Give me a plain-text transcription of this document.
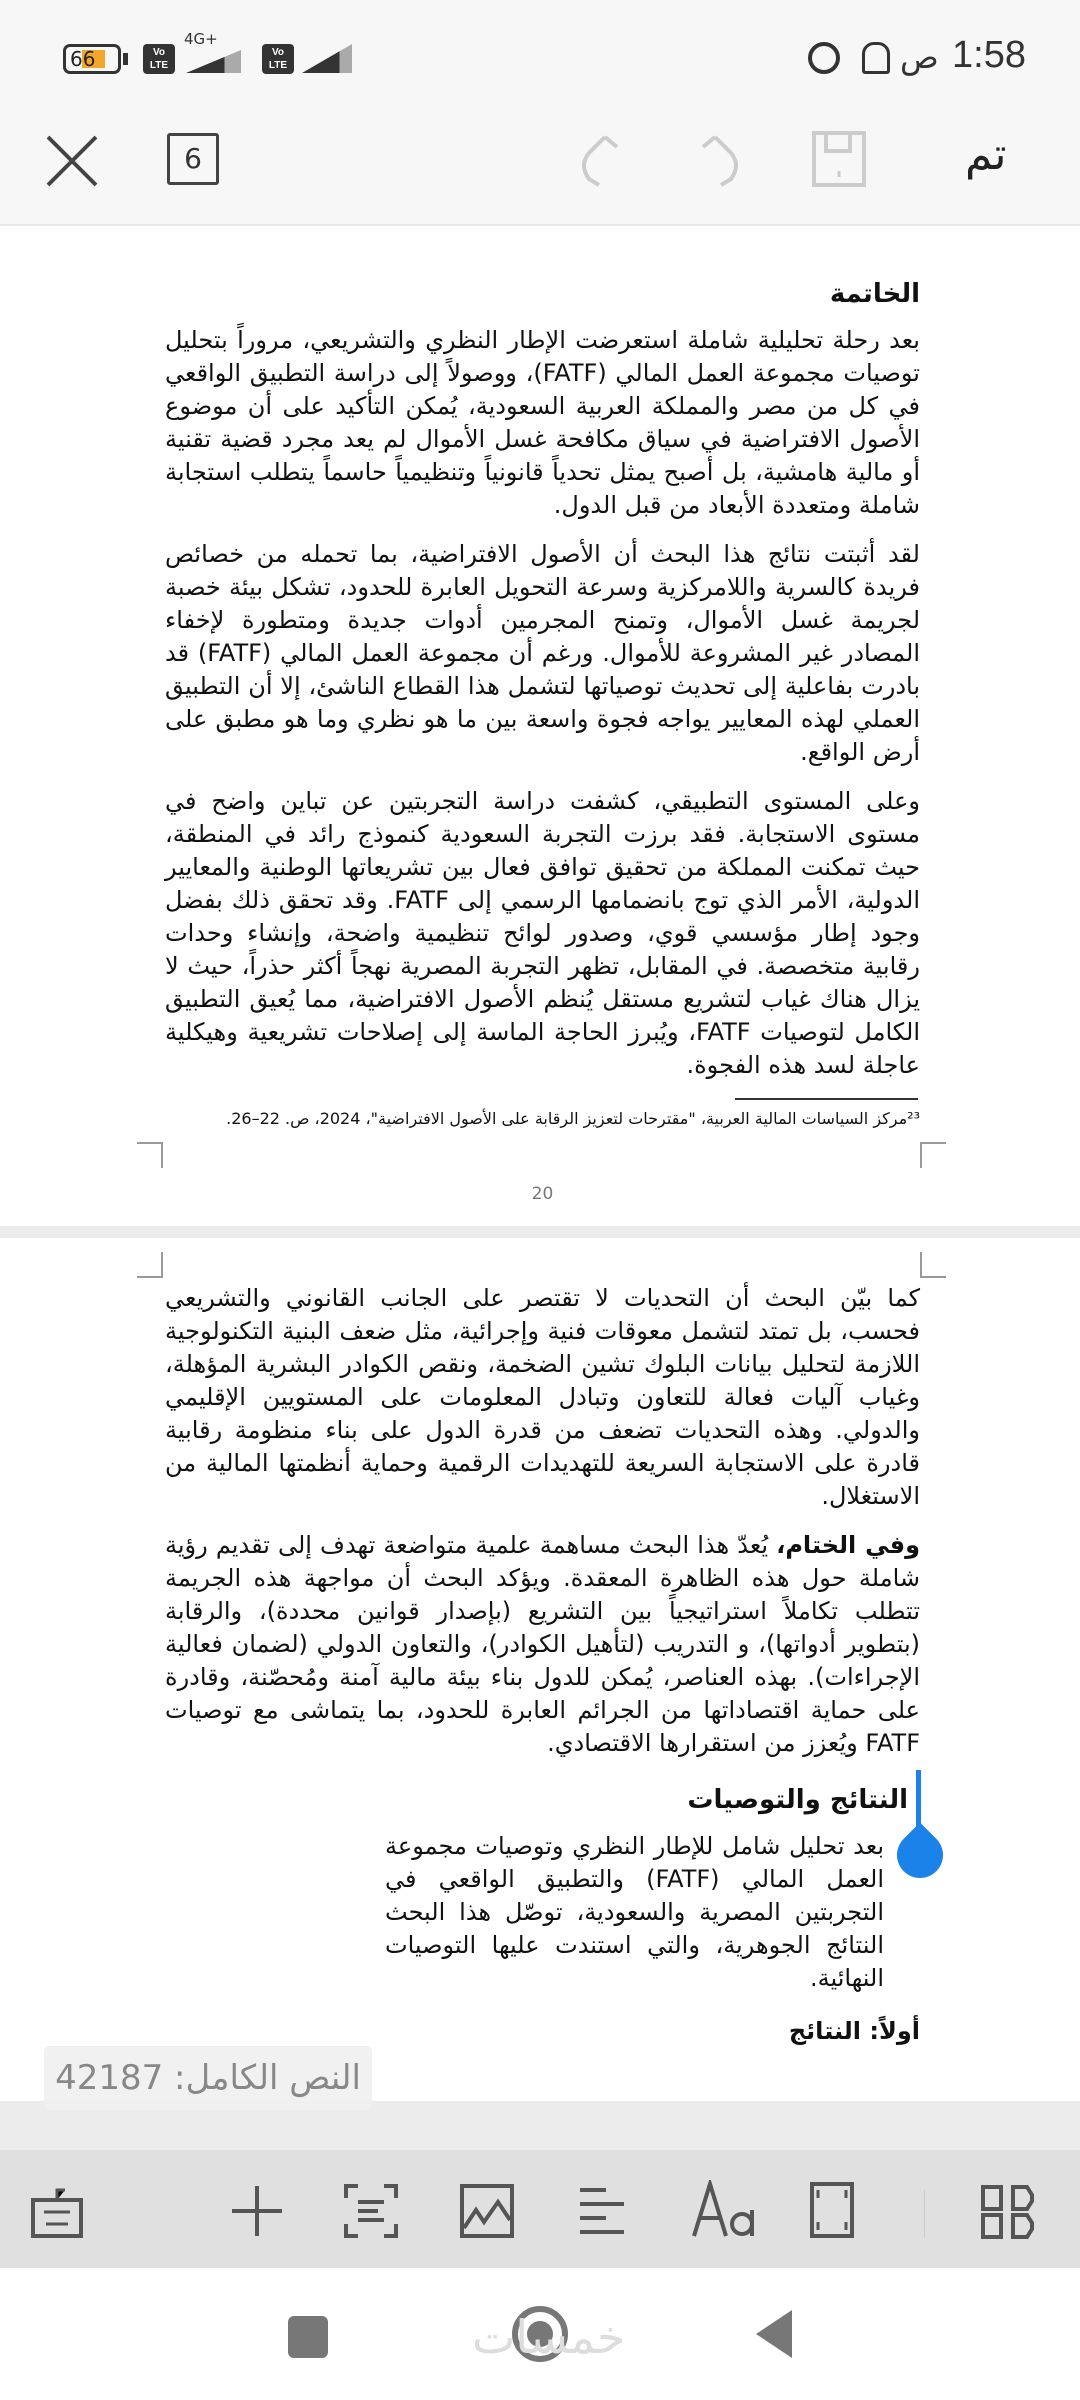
66	Vo LTE
4G+
Vo LTE	ص 1:58
6	تم
الخاتمة

بعد رحلة تحليلية شاملة استعرضت الإطار النظري والتشريعي، مروراً بتحليل توصيات مجموعة العمل المالي (FATF)، ووصولاً إلى دراسة التطبيق الواقعي في كل من مصر والمملكة العربية السعودية، يُمكن التأكيد على أن موضوع الأصول الافتراضية في سياق مكافحة غسل الأموال لم يعد مجرد قضية تقنية أو مالية هامشية، بل أصبح يمثل تحدياً قانونياً وتنظيمياً حاسماً يتطلب استجابة شاملة ومتعددة الأبعاد من قبل الدول.

لقد أثبتت نتائج هذا البحث أن الأصول الافتراضية، بما تحمله من خصائص فريدة كالسرية واللامركزية وسرعة التحويل العابرة للحدود، تشكل بيئة خصبة لجريمة غسل الأموال، وتمنح المجرمين أدوات جديدة ومتطورة لإخفاء المصادر غير المشروعة للأموال. ورغم أن مجموعة العمل المالي (FATF) قد بادرت بفاعلية إلى تحديث توصياتها لتشمل هذا القطاع الناشئ، إلا أن التطبيق العملي لهذه المعايير يواجه فجوة واسعة بين ما هو نظري وما هو مطبق على أرض الواقع.

وعلى المستوى التطبيقي، كشفت دراسة التجربتين عن تباين واضح في مستوى الاستجابة. فقد برزت التجربة السعودية كنموذج رائد في المنطقة، حيث تمكنت المملكة من تحقيق توافق فعال بين تشريعاتها الوطنية والمعايير الدولية، الأمر الذي توج بانضمامها الرسمي إلى FATF. وقد تحقق ذلك بفضل وجود إطار مؤسسي قوي، وصدور لوائح تنظيمية واضحة، وإنشاء وحدات رقابية متخصصة. في المقابل، تظهر التجربة المصرية نهجاً أكثر حذراً، حيث لا يزال هناك غياب لتشريع مستقل يُنظم الأصول الافتراضية، مما يُعيق التطبيق الكامل لتوصيات FATF، ويُبرز الحاجة الماسة إلى إصلاحات تشريعية وهيكلية عاجلة لسد هذه الفجوة.

²³مركز السياسات المالية العربية، "مقترحات لتعزيز الرقابة على الأصول الافتراضية"، 2024، ص. 22–26.

20

كما بيّن البحث أن التحديات لا تقتصر على الجانب القانوني والتشريعي فحسب، بل تمتد لتشمل معوقات فنية وإجرائية، مثل ضعف البنية التكنولوجية اللازمة لتحليل بيانات البلوك تشين الضخمة، ونقص الكوادر البشرية المؤهلة، وغياب آليات فعالة للتعاون وتبادل المعلومات على المستويين الإقليمي والدولي. وهذه التحديات تضعف من قدرة الدول على بناء منظومة رقابية قادرة على الاستجابة السريعة للتهديدات الرقمية وحماية أنظمتها المالية من الاستغلال.

وفي الختام، يُعدّ هذا البحث مساهمة علمية متواضعة تهدف إلى تقديم رؤية شاملة حول هذه الظاهرة المعقدة. ويؤكد البحث أن مواجهة هذه الجريمة تتطلب تكاملاً استراتيجياً بين التشريع (بإصدار قوانين محددة)، والرقابة (بتطوير أدواتها)، و التدريب (لتأهيل الكوادر)، والتعاون الدولي (لضمان فعالية الإجراءات). بهذه العناصر، يُمكن للدول بناء بيئة مالية آمنة ومُحصّنة، وقادرة على حماية اقتصاداتها من الجرائم العابرة للحدود، بما يتماشى مع توصيات FATF ويُعزز من استقرارها الاقتصادي.

النتائج والتوصيات

بعد تحليل شامل للإطار النظري وتوصيات مجموعة العمل المالي (FATF) والتطبيق الواقعي في التجربتين المصرية والسعودية، توصّل هذا البحث النتائج الجوهرية، والتي استندت عليها التوصيات النهائية.

أولاً: النتائج
النص الكامل: 42187
خمسات
